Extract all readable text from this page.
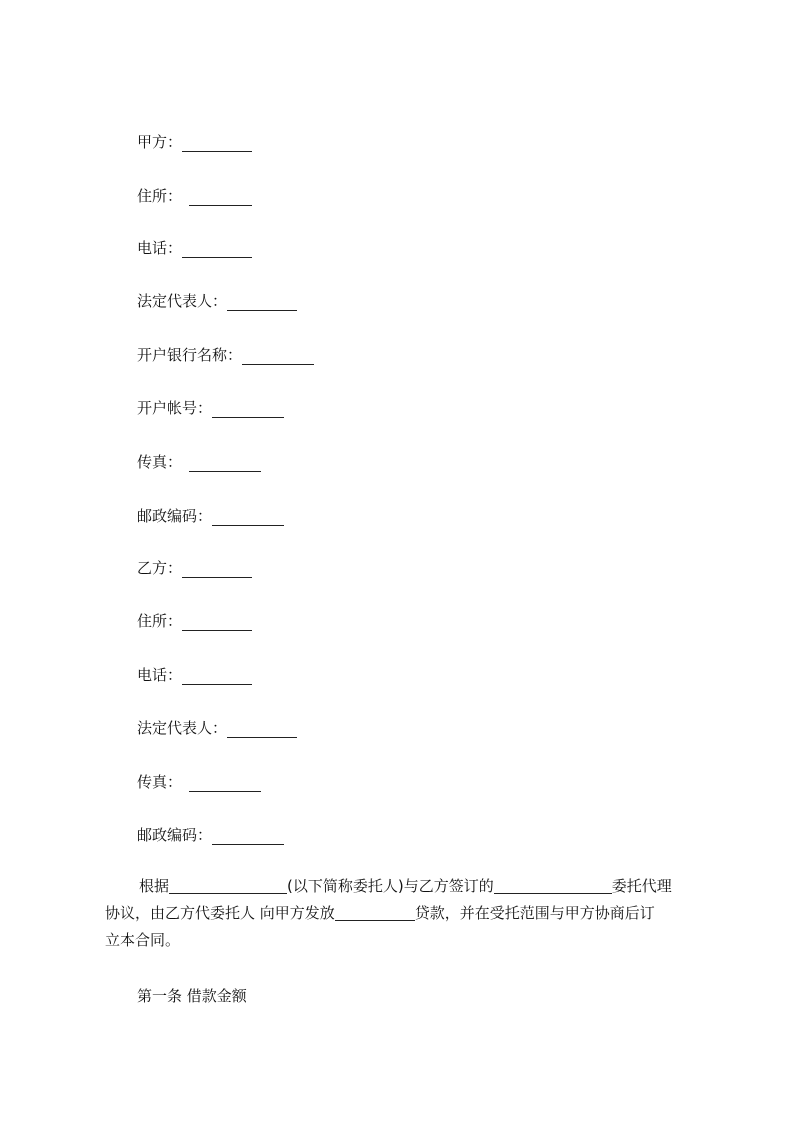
甲方：
住所：
电话：
法定代表人：
开户银行名称：
开户帐号：
传真：
邮政编码：
乙方：
住所：
电话：
法定代表人：
传真：
邮政编码：
根据	(以下简称委托人)与乙方签订的	委托代理
协议，由乙方代委托人 向甲方发放	贷款，并在受托范围与甲方协商后订
立本合同。
第一条 借款金额
